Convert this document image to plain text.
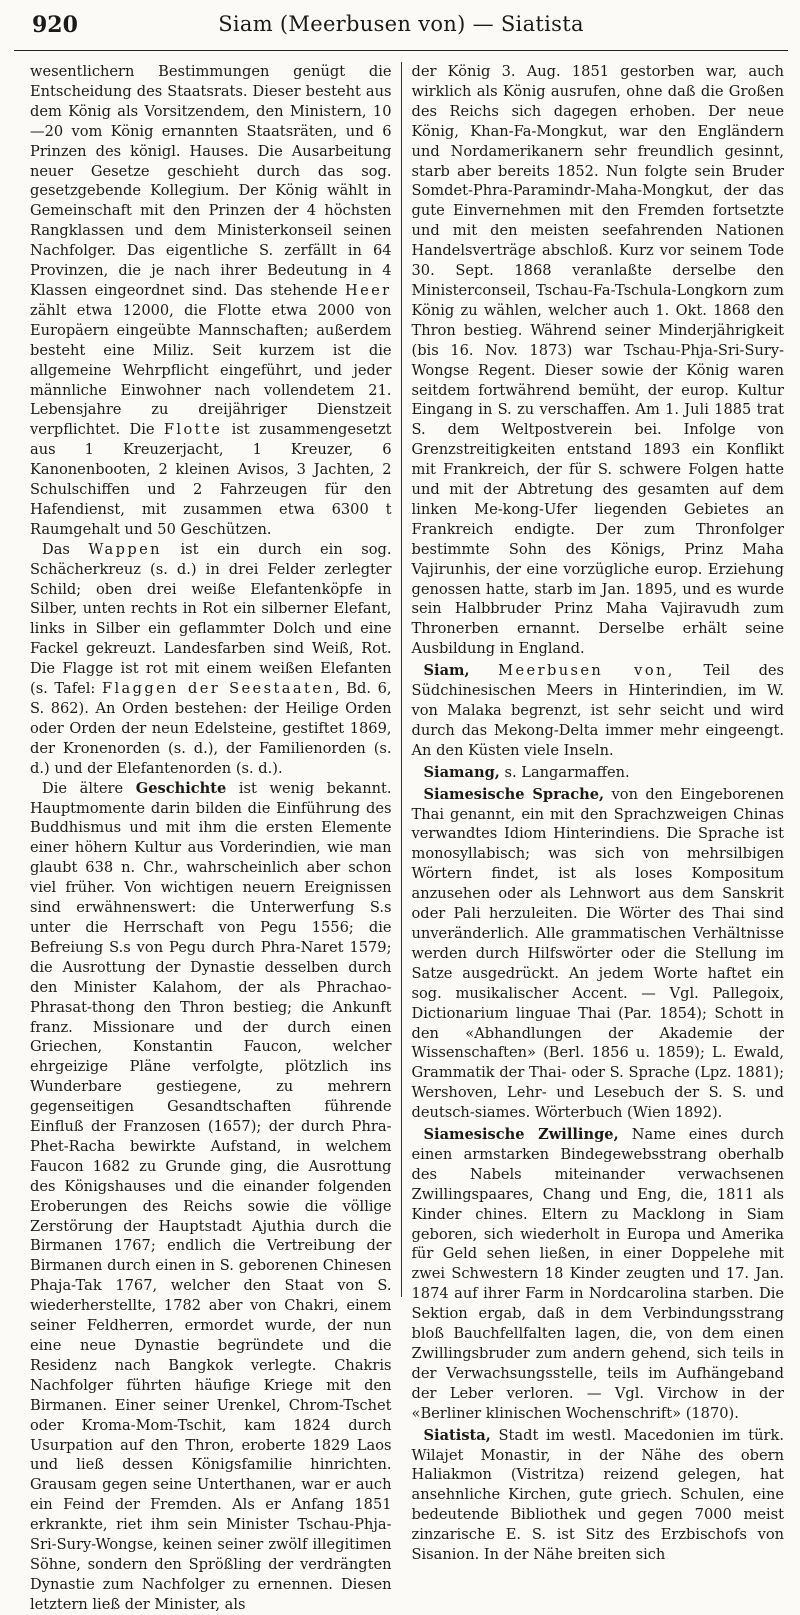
920	Siam (Meerbusen von) — Siatista

wesentlichern Bestimmungen genügt die Entscheidung des Staatsrats. Dieser besteht aus dem König als Vorsitzendem, den Ministern, 10—20 vom König ernannten Staatsräten, und 6 Prinzen des königl. Hauses. Die Ausarbeitung neuer Gesetze geschieht durch das sog. gesetzgebende Kollegium. Der König wählt in Gemeinschaft mit den Prinzen der 4 höchsten Rangklassen und dem Ministerkonseil seinen Nachfolger. Das eigentliche S. zerfällt in 64 Provinzen, die je nach ihrer Bedeutung in 4 Klassen eingeordnet sind. Das stehende Heer zählt etwa 12000, die Flotte etwa 2000 von Europäern eingeübte Mannschaften; außerdem besteht eine Miliz. Seit kurzem ist die allgemeine Wehrpflicht eingeführt, und jeder männliche Einwohner nach vollendetem 21. Lebensjahre zu dreijähriger Dienstzeit verpflichtet. Die Flotte ist zusammengesetzt aus 1 Kreuzerjacht, 1 Kreuzer, 6 Kanonenbooten, 2 kleinen Avisos, 3 Jachten, 2 Schulschiffen und 2 Fahrzeugen für den Hafendienst, mit zusammen etwa 6300 t Raumgehalt und 50 Geschützen.

Das Wappen ist ein durch ein sog. Schächerkreuz (s. d.) in drei Felder zerlegter Schild; oben drei weiße Elefantenköpfe in Silber, unten rechts in Rot ein silberner Elefant, links in Silber ein geflammter Dolch und eine Fackel gekreuzt. Landesfarben sind Weiß, Rot. Die Flagge ist rot mit einem weißen Elefanten (s. Tafel: Flaggen der Seestaaten, Bd. 6, S. 862). An Orden bestehen: der Heilige Orden oder Orden der neun Edelsteine, gestiftet 1869, der Kronenorden (s. d.), der Familienorden (s. d.) und der Elefantenorden (s. d.).

Die ältere Geschichte ist wenig bekannt. Hauptmomente darin bilden die Einführung des Buddhismus und mit ihm die ersten Elemente einer höhern Kultur aus Vorderindien, wie man glaubt 638 n. Chr., wahrscheinlich aber schon viel früher. Von wichtigen neuern Ereignissen sind erwähnenswert: die Unterwerfung S.s unter die Herrschaft von Pegu 1556; die Befreiung S.s von Pegu durch Phra-Naret 1579; die Ausrottung der Dynastie desselben durch den Minister Kalahom, der als Phrachao-Phrasat-thong den Thron bestieg; die Ankunft franz. Missionare und der durch einen Griechen, Konstantin Faucon, welcher ehrgeizige Pläne verfolgte, plötzlich ins Wunderbare gestiegene, zu mehrern gegenseitigen Gesandtschaften führende Einfluß der Franzosen (1657); der durch Phra-Phet-Racha bewirkte Aufstand, in welchem Faucon 1682 zu Grunde ging, die Ausrottung des Königshauses und die einander folgenden Eroberungen des Reichs sowie die völlige Zerstörung der Hauptstadt Ajuthia durch die Birmanen 1767; endlich die Vertreibung der Birmanen durch einen in S. geborenen Chinesen Phaja-Tak 1767, welcher den Staat von S. wiederherstellte, 1782 aber von Chakri, einem seiner Feldherren, ermordet wurde, der nun eine neue Dynastie begründete und die Residenz nach Bangkok verlegte. Chakris Nachfolger führten häufige Kriege mit den Birmanen. Einer seiner Urenkel, Chrom-Tschet oder Kroma-Mom-Tschit, kam 1824 durch Usurpation auf den Thron, eroberte 1829 Laos und ließ dessen Königsfamilie hinrichten. Grausam gegen seine Unterthanen, war er auch ein Feind der Fremden. Als er Anfang 1851 erkrankte, riet ihm sein Minister Tschau-Phja-Sri-Sury-Wongse, keinen seiner zwölf illegitimen Söhne, sondern den Sprößling der verdrängten Dynastie zum Nachfolger zu ernennen. Diesen letztern ließ der Minister, als

der König 3. Aug. 1851 gestorben war, auch wirklich als König ausrufen, ohne daß die Großen des Reichs sich dagegen erhoben. Der neue König, Khan-Fa-Mongkut, war den Engländern und Nordamerikanern sehr freundlich gesinnt, starb aber bereits 1852. Nun folgte sein Bruder Somdet-Phra-Paramindr-Maha-Mongkut, der das gute Einvernehmen mit den Fremden fortsetzte und mit den meisten seefahrenden Nationen Handelsverträge abschloß. Kurz vor seinem Tode 30. Sept. 1868 veranlaßte derselbe den Ministerconseil, Tschau-Fa-Tschula-Longkorn zum König zu wählen, welcher auch 1. Okt. 1868 den Thron bestieg. Während seiner Minderjährigkeit (bis 16. Nov. 1873) war Tschau-Phja-Sri-Sury-Wongse Regent. Dieser sowie der König waren seitdem fortwährend bemüht, der europ. Kultur Eingang in S. zu verschaffen. Am 1. Juli 1885 trat S. dem Weltpostverein bei. Infolge von Grenzstreitigkeiten entstand 1893 ein Konflikt mit Frankreich, der für S. schwere Folgen hatte und mit der Abtretung des gesamten auf dem linken Me-kong-Ufer liegenden Gebietes an Frankreich endigte. Der zum Thronfolger bestimmte Sohn des Königs, Prinz Maha Vajirunhis, der eine vorzügliche europ. Erziehung genossen hatte, starb im Jan. 1895, und es wurde sein Halbbruder Prinz Maha Vajiravudh zum Thronerben ernannt. Derselbe erhält seine Ausbildung in England.

Siam, Meerbusen von, Teil des Südchinesischen Meers in Hinterindien, im W. von Malaka begrenzt, ist sehr seicht und wird durch das Mekong-Delta immer mehr eingeengt. An den Küsten viele Inseln.

Siamang, s. Langarmaffen.

Siamesische Sprache, von den Eingeborenen Thai genannt, ein mit den Sprachzweigen Chinas verwandtes Idiom Hinterindiens. Die Sprache ist monosyllabisch; was sich von mehrsilbigen Wörtern findet, ist als loses Kompositum anzusehen oder als Lehnwort aus dem Sanskrit oder Pali herzuleiten. Die Wörter des Thai sind unveränderlich. Alle grammatischen Verhältnisse werden durch Hilfswörter oder die Stellung im Satze ausgedrückt. An jedem Worte haftet ein sog. musikalischer Accent. — Vgl. Pallegoix, Dictionarium linguae Thai (Par. 1854); Schott in den «Abhandlungen der Akademie der Wissenschaften» (Berl. 1856 u. 1859); L. Ewald, Grammatik der Thai- oder S. Sprache (Lpz. 1881); Wershoven, Lehr- und Lesebuch der S. S. und deutsch-siames. Wörterbuch (Wien 1892).

Siamesische Zwillinge, Name eines durch einen armstarken Bindegewebsstrang oberhalb des Nabels miteinander verwachsenen Zwillingspaares, Chang und Eng, die, 1811 als Kinder chines. Eltern zu Macklong in Siam geboren, sich wiederholt in Europa und Amerika für Geld sehen ließen, in einer Doppelehe mit zwei Schwestern 18 Kinder zeugten und 17. Jan. 1874 auf ihrer Farm in Nordcarolina starben. Die Sektion ergab, daß in dem Verbindungsstrang bloß Bauchfellfalten lagen, die, von dem einen Zwillingsbruder zum andern gehend, sich teils in der Verwachsungsstelle, teils im Aufhängeband der Leber verloren. — Vgl. Virchow in der «Berliner klinischen Wochenschrift» (1870).

Siatista, Stadt im westl. Macedonien im türk. Wilajet Monastir, in der Nähe des obern Haliakmon (Vistritza) reizend gelegen, hat ansehnliche Kirchen, gute griech. Schulen, eine bedeutende Bibliothek und gegen 7000 meist zinzarische E. S. ist Sitz des Erzbischofs von Sisanion. In der Nähe breiten sich
